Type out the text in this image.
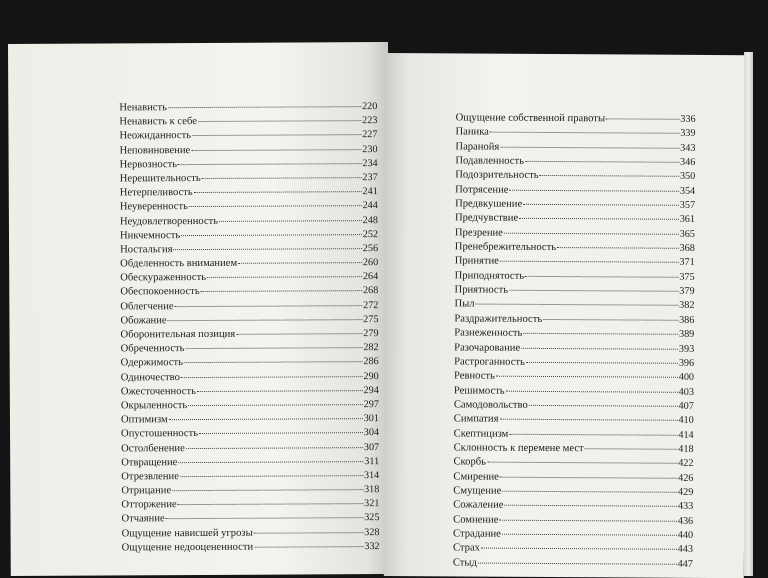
Ненависть	220
Ненависть к себе	223
Неожиданность	227
Неповиновение	230
Нервозность	234
Нерешительность	237
Нетерпеливость	241
Неуверенность	244
Неудовлетворенность	248
Никчемность	252
Ностальгия	256
Обделенность вниманием	260
Обескураженность	264
Обеспокоенность	268
Облегчение	272
Обожание	275
Оборонительная позиция	279
Обреченность	282
Одержимость	286
Одиночество	290
Ожесточенность	294
Окрыленность	297
Оптимизм	301
Опустошенность	304
Остолбенение	307
Отвращение	311
Отрезвление	314
Отрицание	318
Отторжение	321
Отчаяние	325
Ощущение нависшей угрозы	328
Ощущение недооцененности	332
Ощущение собственной правоты	336
Паника	339
Паранойя	343
Подавленность	346
Подозрительность	350
Потрясение	354
Предвкушение	357
Предчувствие	361
Презрение	365
Пренебрежительность	368
Принятие	371
Приподнятость	375
Приятность	379
Пыл	382
Раздражительность	386
Разнеженность	389
Разочарование	393
Растроганность	396
Ревность	400
Решимость	403
Самодовольство	407
Симпатия	410
Скептицизм	414
Склонность к перемене мест	418
Скорбь	422
Смирение	426
Смущение	429
Сожаление	433
Сомнение	436
Страдание	440
Страх	443
Стыд	447
